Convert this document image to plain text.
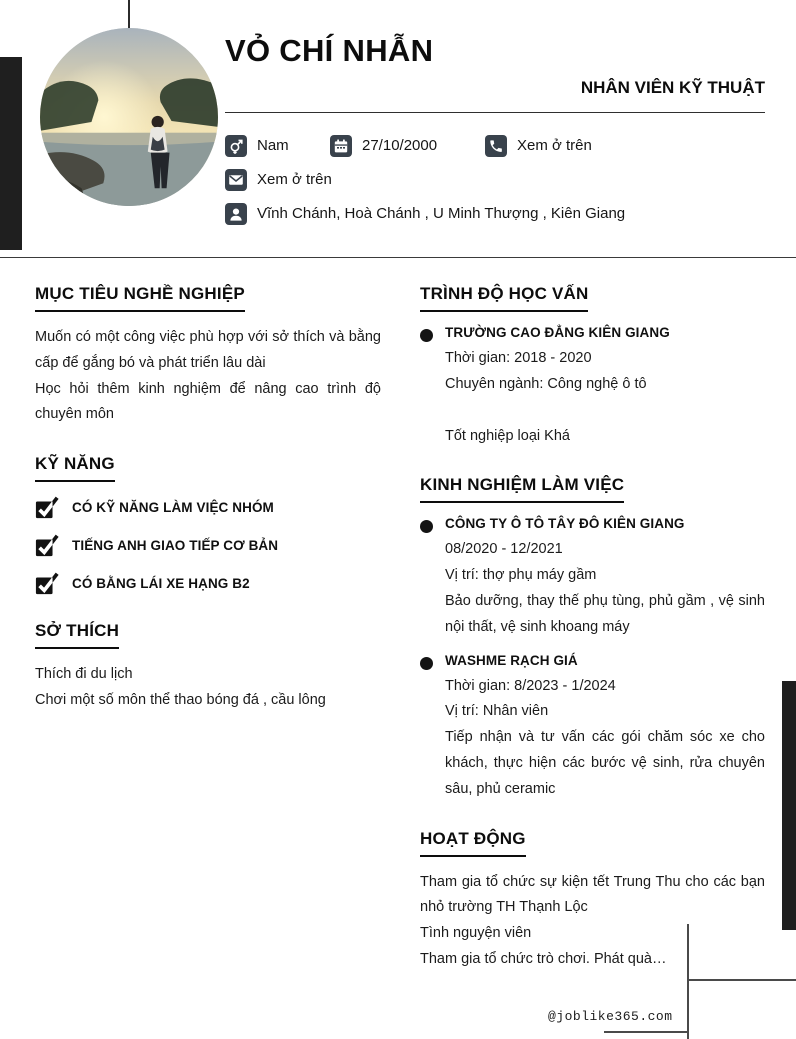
VỎ CHÍ NHẪN
NHÂN VIÊN KỸ THUẬT
Nam	27/10/2000	Xem ở trên
Xem ở trên
Vĩnh Chánh, Hoà Chánh , U Minh Thượng , Kiên Giang
MỤC TIÊU NGHỀ NGHIỆP
Muốn có một công việc phù hợp với sở thích và bằng cấp để gắng bó và phát triển lâu dài
Học hỏi thêm kinh nghiệm để nâng cao trình độ chuyên môn
KỸ NĂNG
CÓ KỸ NĂNG LÀM VIỆC NHÓM
TIẾNG ANH GIAO TIẾP CƠ BẢN
CÓ BẰNG LÁI XE HẠNG B2
SỞ THÍCH
Thích đi du lịch
Chơi một số môn thể thao bóng đá , cầu lông
TRÌNH ĐỘ HỌC VẤN
TRƯỜNG CAO ĐẲNG KIÊN GIANG
Thời gian: 2018 - 2020
Chuyên ngành: Công nghệ ô tô
Tốt nghiệp loại Khá
KINH NGHIỆM LÀM VIỆC
CÔNG TY Ô TÔ TÂY ĐÔ KIÊN GIANG
08/2020 - 12/2021
Vị trí: thợ phụ máy gầm
Bảo dưỡng, thay thế phụ tùng, phủ gầm , vệ sinh nội thất, vệ sinh khoang máy
WASHME RẠCH GIÁ
Thời gian: 8/2023 - 1/2024
Vị trí: Nhân viên
Tiếp nhận và tư vấn các gói chăm sóc xe cho khách, thực hiện các bước vệ sinh, rửa chuyên sâu, phủ ceramic
HOẠT ĐỘNG
Tham gia tổ chức sự kiện tết Trung Thu cho các bạn nhỏ trường TH Thạnh Lộc
Tình nguyện viên
Tham gia tổ chức trò chơi. Phát quà…
@joblike365.com
